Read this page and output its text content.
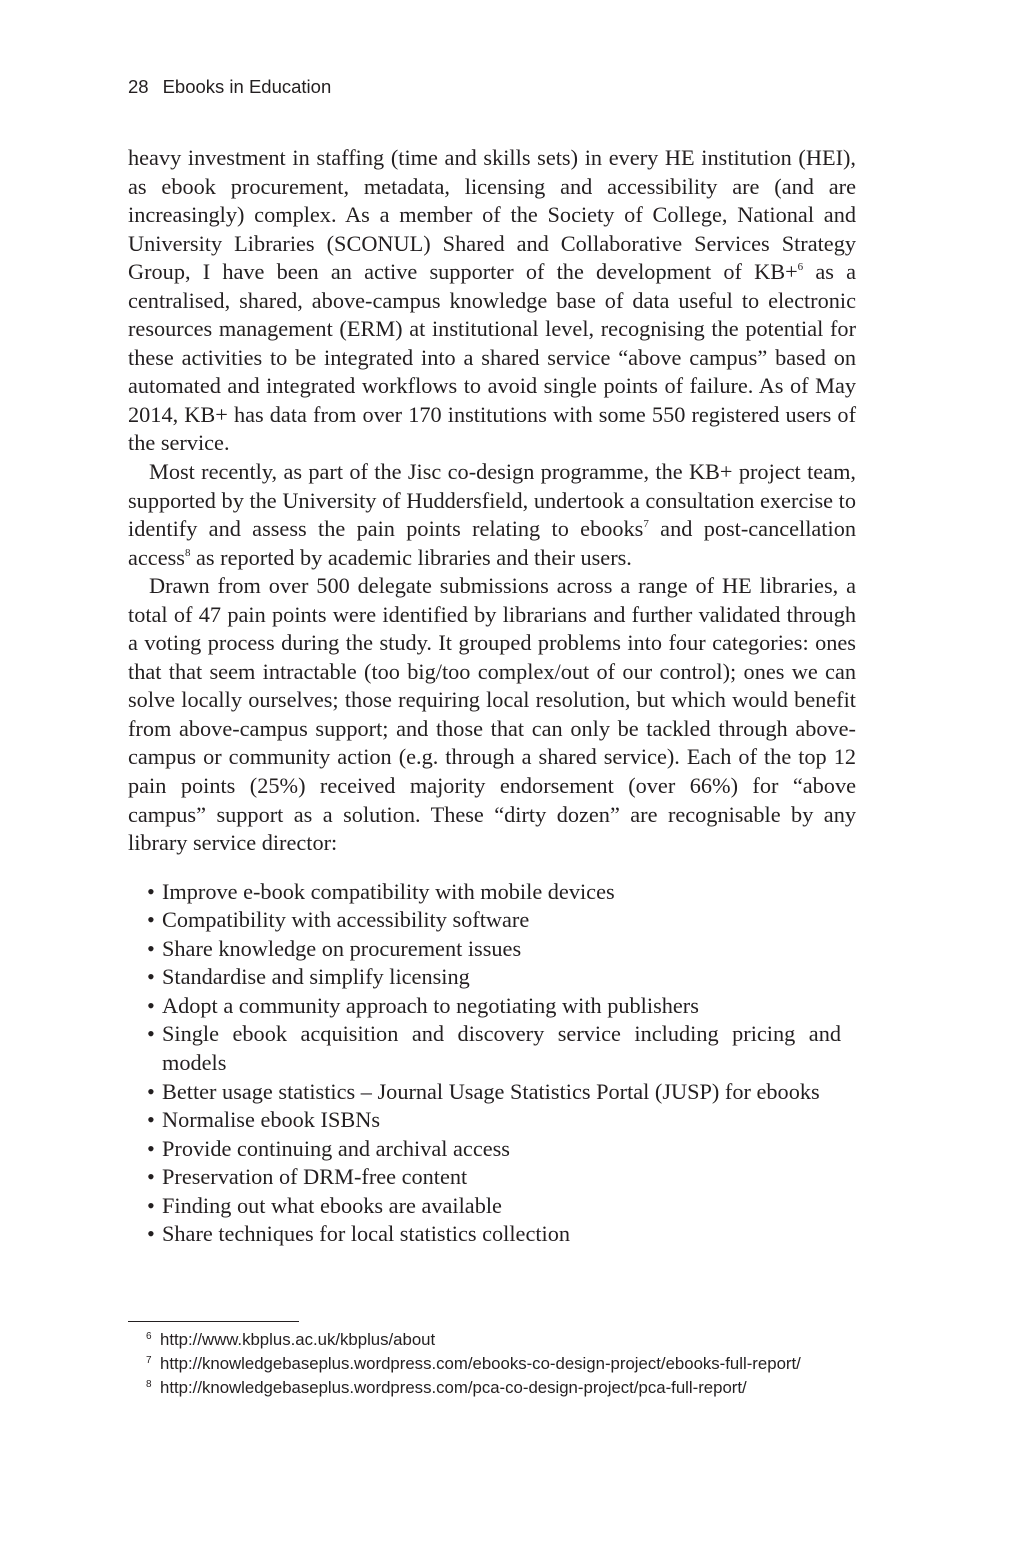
28 Ebooks in Education

heavy investment in staffing (time and skills sets) in every HE institution (HEI), as ebook procurement, metadata, licensing and accessibility are (and are increasingly) complex. As a member of the Society of College, National and University Libraries (SCONUL) Shared and Collaborative Services Strategy Group, I have been an active supporter of the development of KB+$^6$ as a centralised, shared, above-campus knowledge base of data useful to electronic resources management (ERM) at institutional level, recognising the potential for these activities to be integrated into a shared service “above campus” based on automated and integrated workflows to avoid single points of failure. As of May 2014, KB+ has data from over 170 institutions with some 550 registered users of the service.

Most recently, as part of the Jisc co-design programme, the KB+ project team, supported by the University of Huddersfield, undertook a consultation exercise to identify and assess the pain points relating to ebooks$^7$ and post-cancellation access$^8$ as reported by academic libraries and their users.

Drawn from over 500 delegate submissions across a range of HE libraries, a total of 47 pain points were identified by librarians and further validated through a voting process during the study. It grouped problems into four categories: ones that that seem intractable (too big/too complex/out of our control); ones we can solve locally ourselves; those requiring local resolution, but which would benefit from above-campus support; and those that can only be tackled through above-campus or community action (e.g. through a shared service). Each of the top 12 pain points (25%) received majority endorsement (over 66%) for “above campus” support as a solution. These “dirty dozen” are recognisable by any library service director:

• Improve e-book compatibility with mobile devices
• Compatibility with accessibility software
• Share knowledge on procurement issues
• Standardise and simplify licensing
• Adopt a community approach to negotiating with publishers
• Single ebook acquisition and discovery service including pricing and models
• Better usage statistics – Journal Usage Statistics Portal (JUSP) for ebooks
• Normalise ebook ISBNs
• Provide continuing and archival access
• Preservation of DRM-free content
• Finding out what ebooks are available
• Share techniques for local statistics collection
6 http://www.kbplus.ac.uk/kbplus/about
7 http://knowledgebaseplus.wordpress.com/ebooks-co-design-project/ebooks-full-report/
8 http://knowledgebaseplus.wordpress.com/pca-co-design-project/pca-full-report/
